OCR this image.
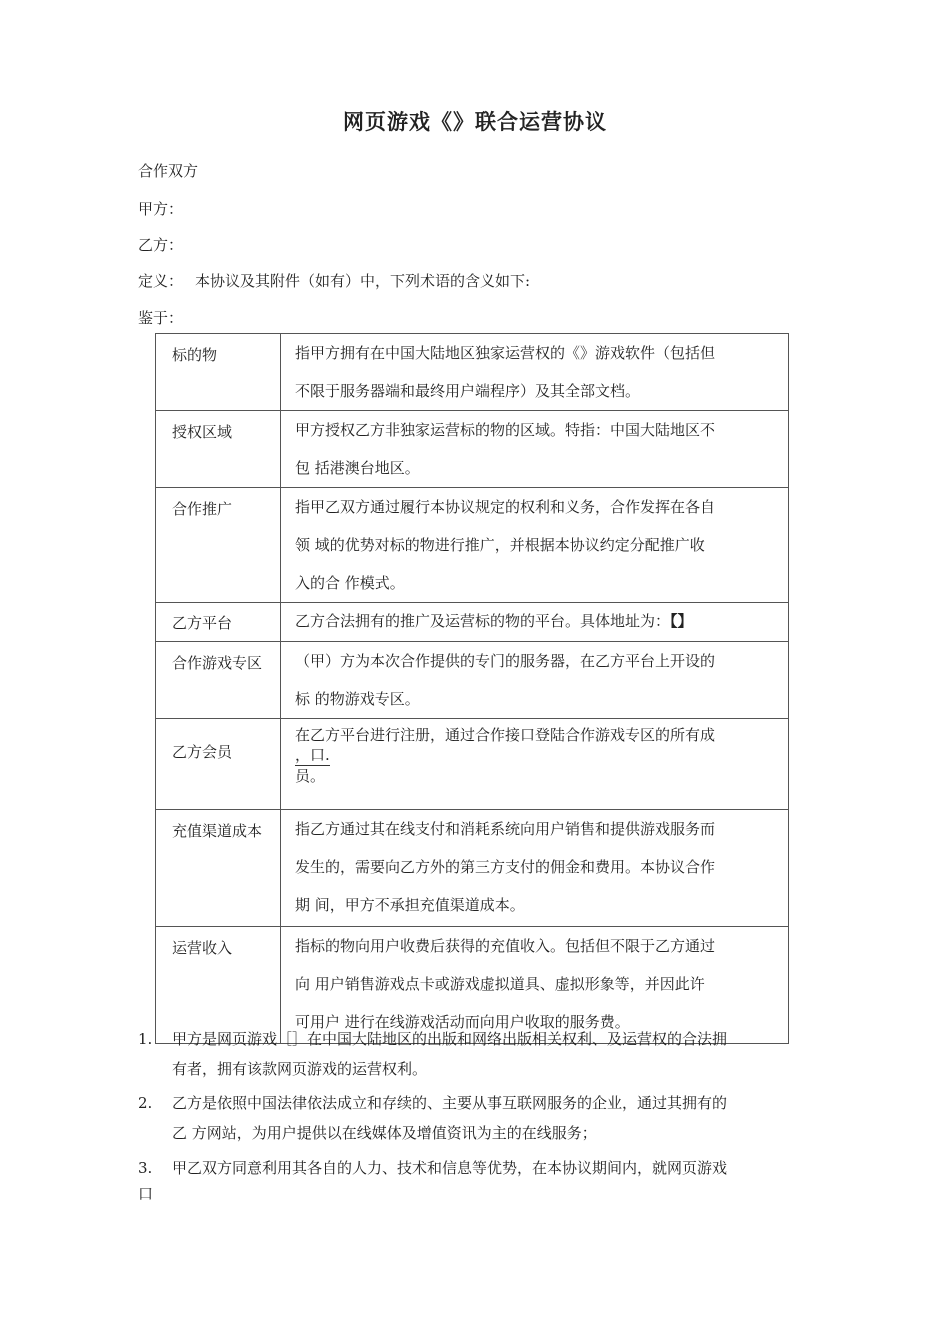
网页游戏《》联合运营协议
合作双方
甲方：
乙方：
定义： 本协议及其附件（如有）中，下列术语的含义如下:
鉴于：
标的物	指甲方拥有在中国大陆地区独家运营权的《》游戏软件（包括但
不限于服务器端和最终用户端程序）及其全部文档。

授权区域	甲方授权乙方非独家运营标的物的区域。特指：中国大陆地区不
包 括港澳台地区。

合作推广	指甲乙双方通过履行本协议规定的权利和义务，合作发挥在各自
领 域的优势对标的物进行推广，并根据本协议约定分配推广收
入的合 作模式。

乙方平台	乙方合法拥有的推广及运营标的物的平台。具体地址为：【】
合作游戏专区	（甲）方为本次合作提供的专门的服务器，在乙方平台上开设的
标 的物游戏专区。

乙方会员	在乙方平台进行注册，通过合作接口登陆合作游戏专区的所有成
，口.
员。

充值渠道成本	指乙方通过其在线支付和消耗系统向用户销售和提供游戏服务而
发生的，需要向乙方外的第三方支付的佣金和费用。本协议合作
期 间，甲方不承担充值渠道成本。

运营收入	指标的物向用户收费后获得的充值收入。包括但不限于乙方通过
向 用户销售游戏点卡或游戏虚拟道具、虚拟形象等，并因此许
可用户 进行在线游戏活动而向用户收取的服务费。
1. 甲方是网页游戏［］在中国大陆地区的出版和网络出版相关权利、及运营权的合法拥
有者，拥有该款网页游戏的运营权利。
2. 乙方是依照中国法律依法成立和存续的、主要从事互联网服务的企业，通过其拥有的
乙 方网站，为用户提供以在线媒体及增值资讯为主的在线服务；
3. 甲乙双方同意利用其各自的人力、技术和信息等优势，在本协议期间内，就网页游戏
口
